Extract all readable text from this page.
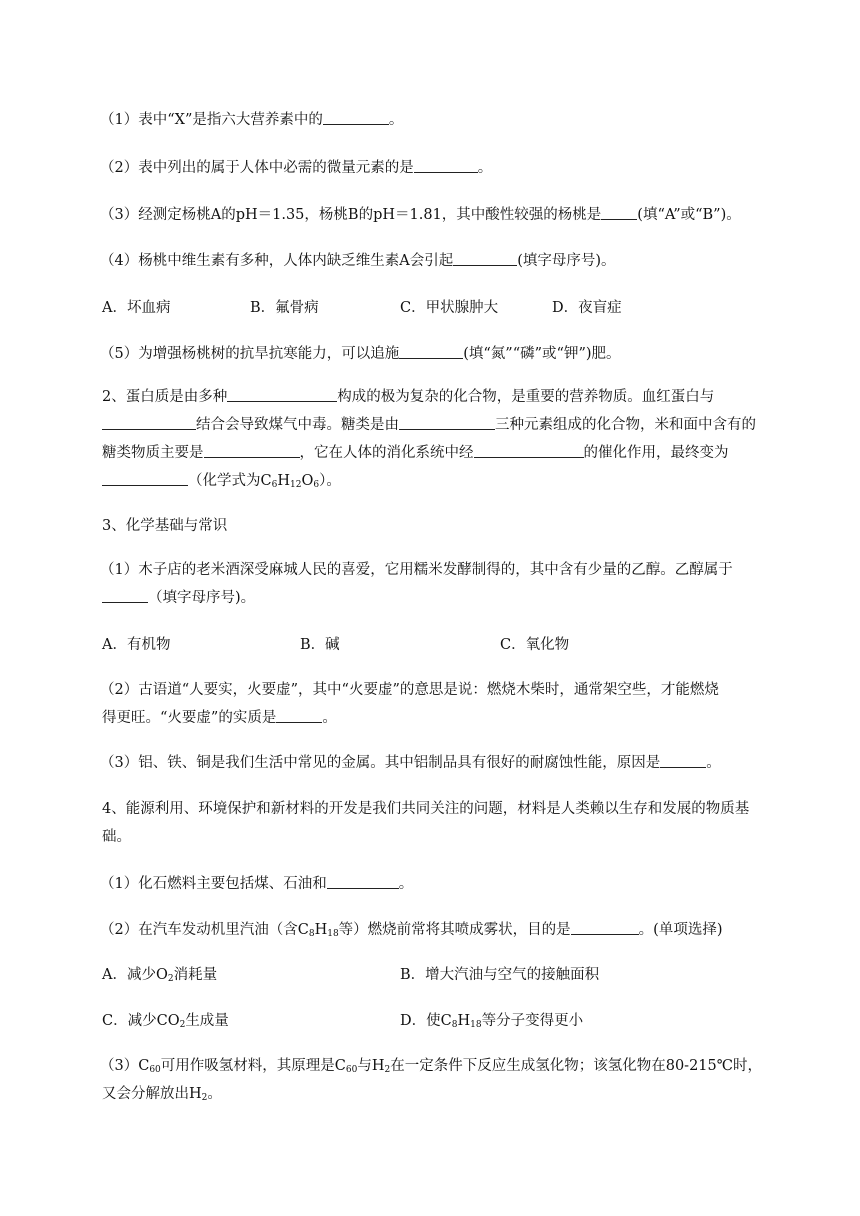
（1）表中“X”是指六大营养素中的	。
（2）表中列出的属于人体中必需的微量元素的是	。
（3）经测定杨桃A的pH＝1.35，杨桃B的pH＝1.81，其中酸性较强的杨桃是 (填“A”或“B”)。
（4）杨桃中维生素有多种，人体内缺乏维生素A会引起	(填字母序号)。
A．坏血病	B．氟骨病	C．甲状腺肿大	D．夜盲症
（5）为增强杨桃树的抗旱抗寒能力，可以追施	(填“氮”“磷”或“钾”)肥。
2、蛋白质是由多种	构成的极为复杂的化合物，是重要的营养物质。血红蛋白与
结合会导致煤气中毒。糖类是由	三种元素组成的化合物，米和面中含有的
糖类物质主要是	，它在人体的消化系统中经	的催化作用，最终变为
（化学式为$C_6H_{12}O_6$）。
3、化学基础与常识
（1）木子店的老米酒深受麻城人民的喜爱，它用糯米发酵制得的，其中含有少量的乙醇。乙醇属于
（填字母序号)。
A．有机物	B．碱	C．氧化物
（2）古语道“人要实，火要虚”，其中“火要虚”的意思是说：燃烧木柴时，通常架空些，才能燃烧
得更旺。“火要虚”的实质是	。
（3）铝、铁、铜是我们生活中常见的金属。其中铝制品具有很好的耐腐蚀性能，原因是	。
4、能源利用、环境保护和新材料的开发是我们共同关注的问题，材料是人类赖以生存和发展的物质基
础。
（1）化石燃料主要包括煤、石油和	。
（2）在汽车发动机里汽油（含$C_8H_{18}$等）燃烧前常将其喷成雾状，目的是	。(单项选择)
A．减少$O_2$消耗量	B．增大汽油与空气的接触面积
C．减少$CO_2$生成量	D．使$C_8H_{18}$等分子变得更小
$(3)C_{60}$可用作吸氢材料，其原理是$C_{60}$与$H_2$在一定条件下反应生成氢化物；该氢化物在80-215℃时，
又会分解放出$H_2$。
